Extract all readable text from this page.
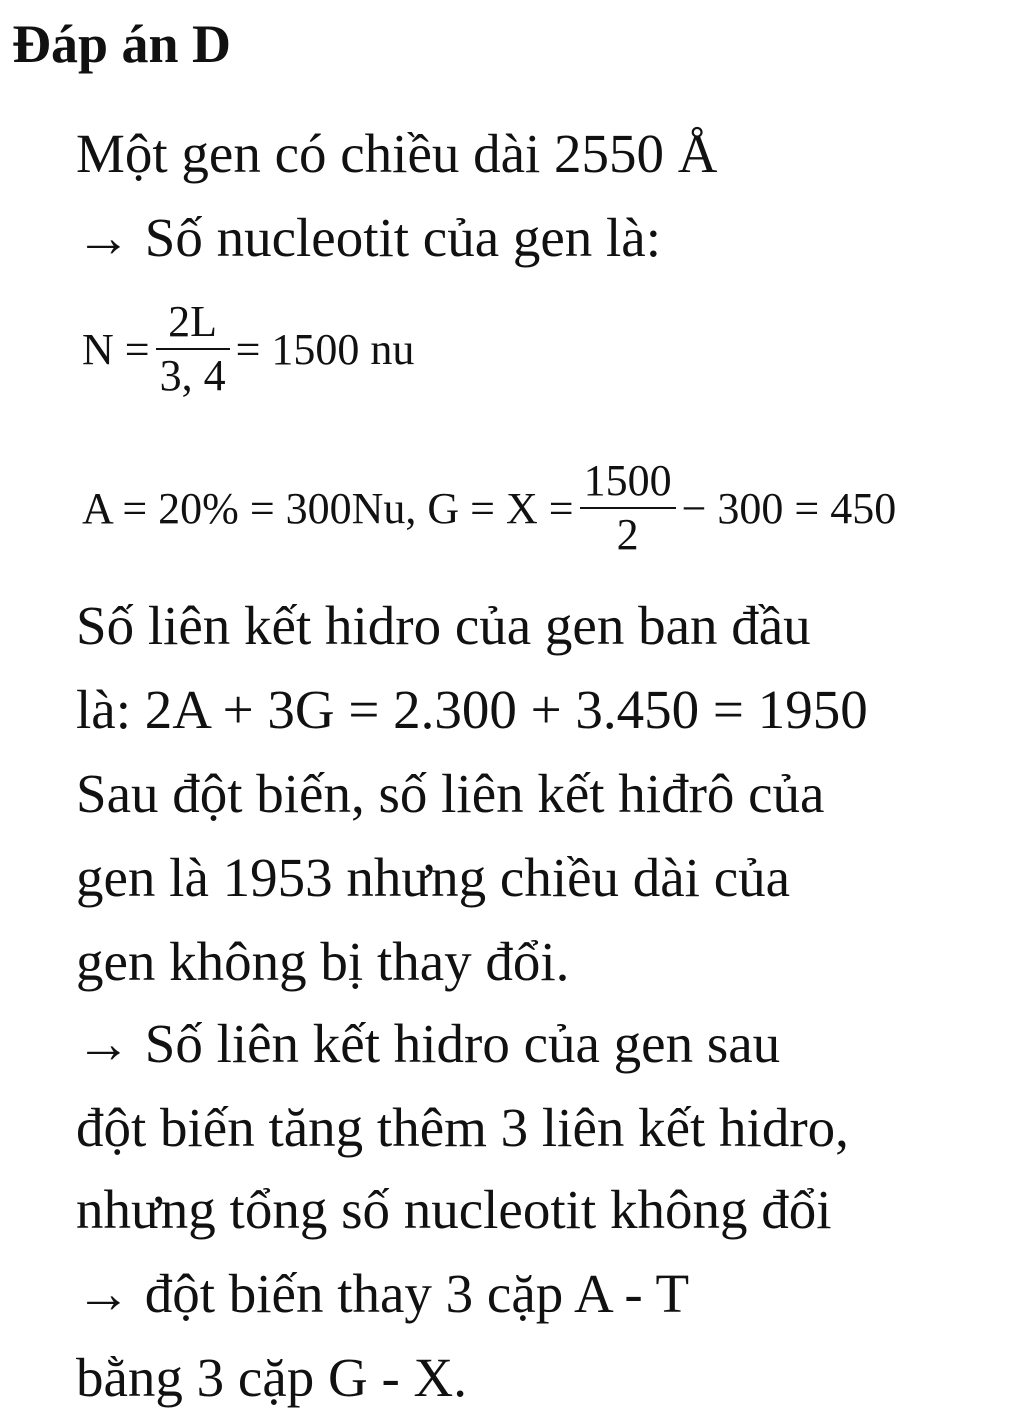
Đáp án D
Một gen có chiều dài 2550 Å
→ Số nucleotit của gen là:
$N = \frac{2L}{3, 4} = 1500$ nu
A = 20% = 300Nu, $G = X = \frac{1500}{2} - 300 = 450$
Số liên kết hidro của gen ban đầu
là: 2A + 3G = 2.300 + 3.450 = 1950
Sau đột biến, số liên kết hiđrô của
gen là 1953 nhưng chiều dài của
gen không bị thay đổi.
→ Số liên kết hidro của gen sau
đột biến tăng thêm 3 liên kết hidro,
nhưng tổng số nucleotit không đổi
→ đột biến thay 3 cặp A - T
bằng 3 cặp G - X.
